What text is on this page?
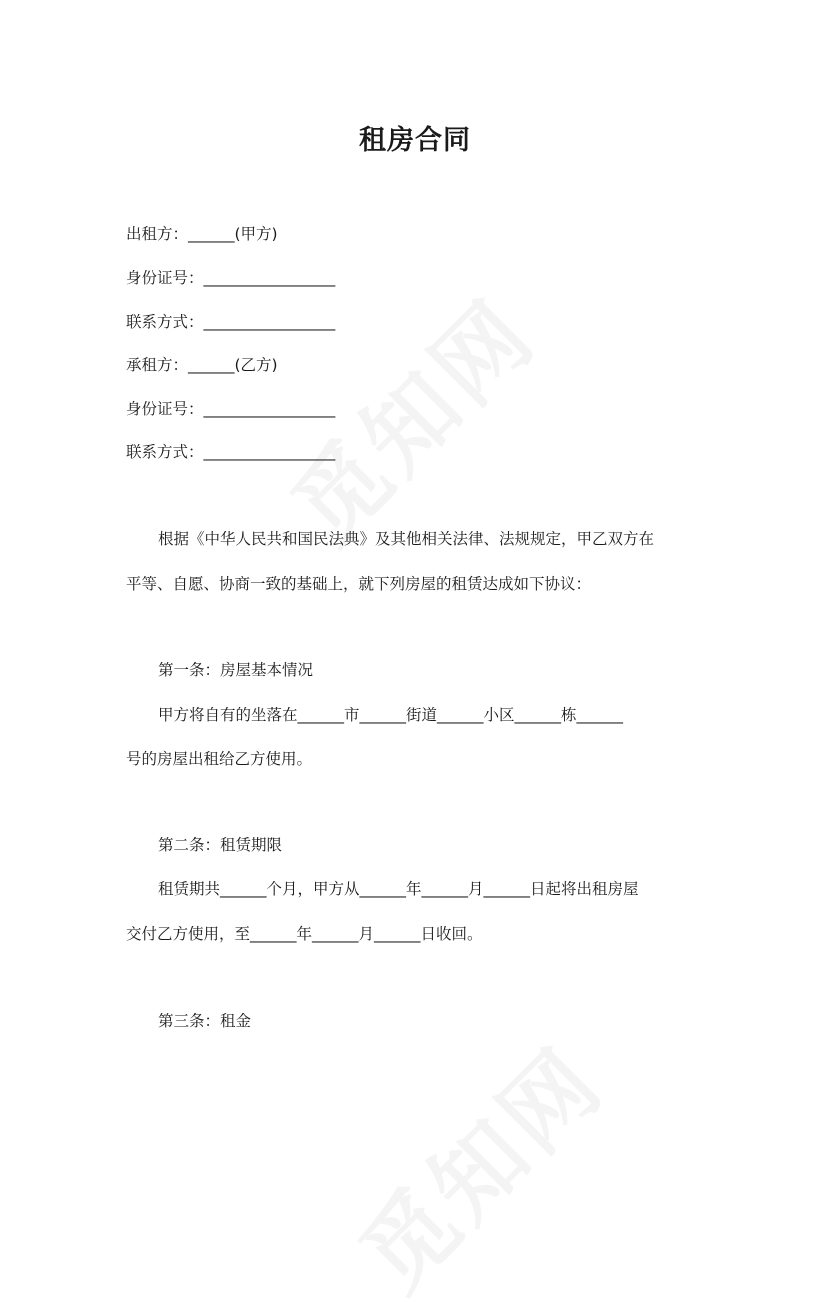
租房合同

出租方：______(甲方)

身份证号：_________________

联系方式：_________________

承租方：______(乙方)

身份证号：_________________

联系方式：_________________

根据《中华人民共和国民法典》及其他相关法律、法规规定，甲乙双方在

平等、自愿、协商一致的基础上，就下列房屋的租赁达成如下协议：

第一条：房屋基本情况

甲方将自有的坐落在______市______街道______小区______栋______

号的房屋出租给乙方使用。

第二条：租赁期限

租赁期共______个月，甲方从______年______月______日起将出租房屋

交付乙方使用，至______年______月______日收回。

第三条：租金
